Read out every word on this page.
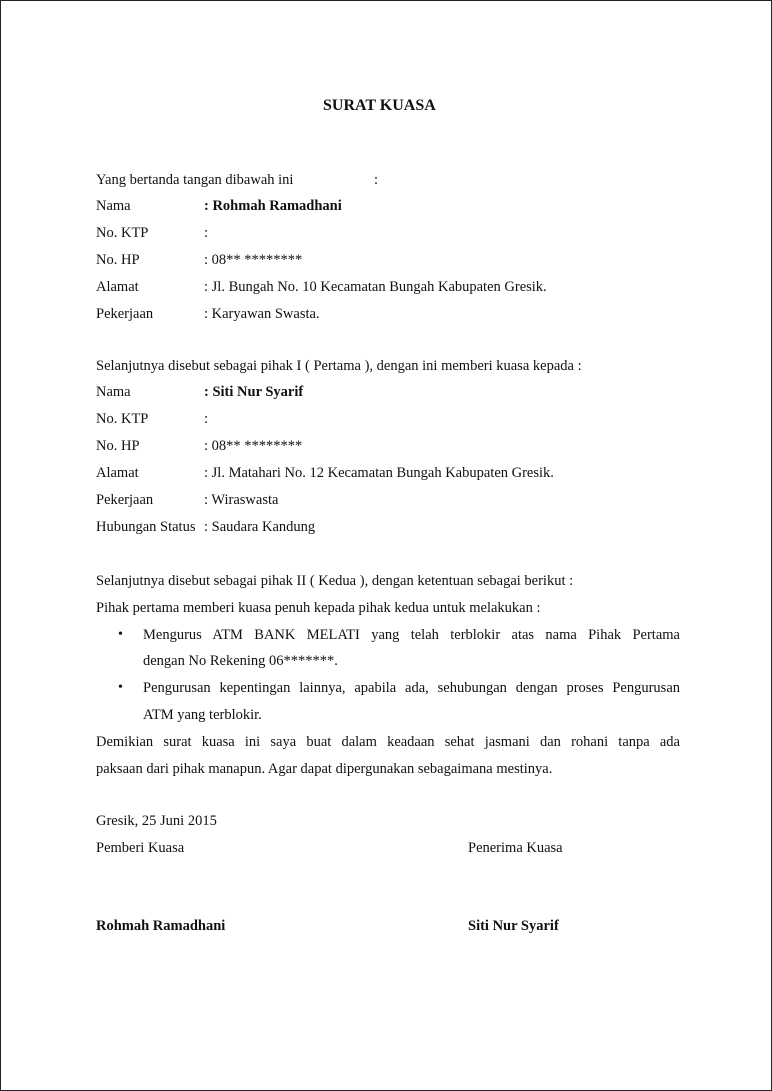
SURAT KUASA
Yang bertanda tangan dibawah ini	:
Nama	: Rohmah Ramadhani
No. KTP	:
No. HP	: 08** ********
Alamat	: Jl. Bungah No. 10 Kecamatan Bungah Kabupaten Gresik.
Pekerjaan	: Karyawan Swasta.
Selanjutnya disebut sebagai pihak I ( Pertama ), dengan ini memberi kuasa kepada :
Nama	: Siti Nur Syarif
No. KTP	:
No. HP	: 08** ********
Alamat	: Jl. Matahari No. 12 Kecamatan Bungah Kabupaten Gresik.
Pekerjaan	: Wiraswasta
Hubungan Status : Saudara Kandung
Selanjutnya disebut sebagai pihak II ( Kedua ), dengan ketentuan sebagai berikut :
Pihak pertama memberi kuasa penuh kepada pihak kedua untuk melakukan :
• Mengurus ATM BANK MELATI yang telah terblokir atas nama Pihak Pertama
dengan No Rekening 06*******.
• Pengurusan kepentingan lainnya, apabila ada, sehubungan dengan proses Pengurusan
ATM yang terblokir.
Demikian surat kuasa ini saya buat dalam keadaan sehat jasmani dan rohani tanpa ada
paksaan dari pihak manapun. Agar dapat dipergunakan sebagaimana mestinya.
Gresik, 25 Juni 2015
Pemberi Kuasa	Penerima Kuasa
Rohmah Ramadhani	Siti Nur Syarif
